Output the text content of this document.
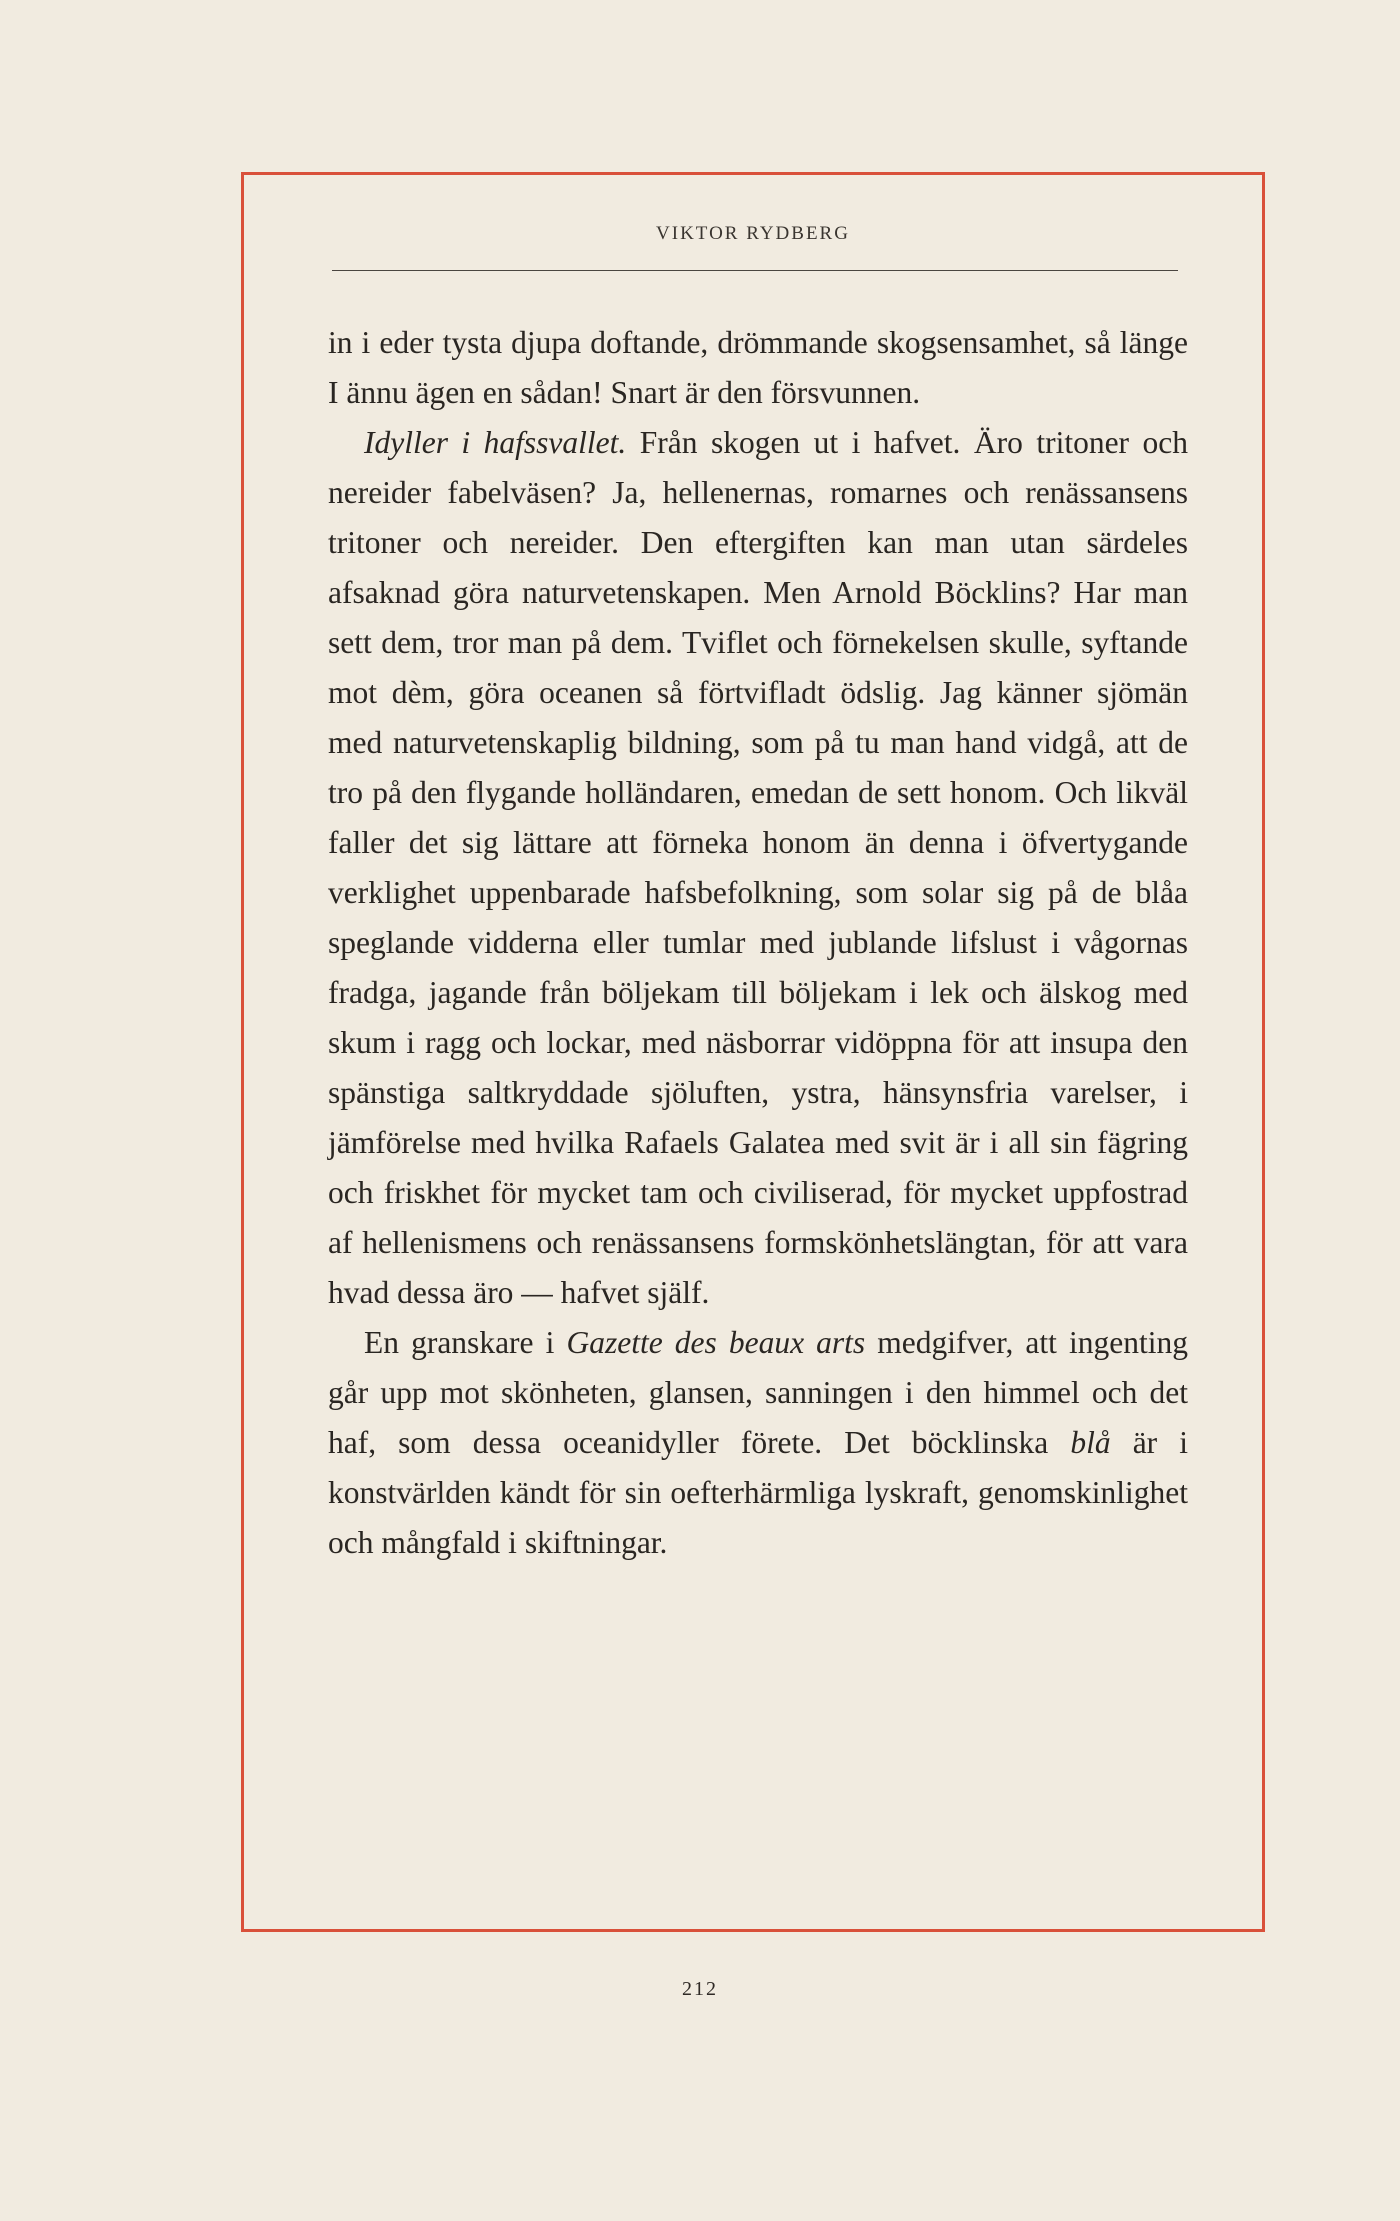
VIKTOR RYDBERG

in i eder tysta djupa doftande, drömmande skogsensamhet, så länge I ännu ägen en sådan! Snart är den försvunnen.

Idyller i hafssvallet. Från skogen ut i hafvet. Äro tritoner och nereider fabelväsen? Ja, hellenernas, romarnes och renässansens tritoner och nereider. Den eftergiften kan man utan särdeles afsaknad göra naturvetenskapen. Men Arnold Böcklins? Har man sett dem, tror man på dem. Tviflet och förnekelsen skulle, syftande mot dèm, göra oceanen så förtvifladt ödslig. Jag känner sjömän med naturvetenskaplig bildning, som på tu man hand vidgå, att de tro på den flygande holländaren, emedan de sett honom. Och likväl faller det sig lättare att förneka honom än denna i öfvertygande verklighet uppenbarade hafsbefolkning, som solar sig på de blåa speglande vidderna eller tumlar med jublande lifslust i vågornas fradga, jagande från böljekam till böljekam i lek och älskog med skum i ragg och lockar, med näsborrar vidöppna för att insupa den spänstiga saltkryddade sjöluften, ystra, hänsynsfria varelser, i jämförelse med hvilka Rafaels Galatea med svit är i all sin fägring och friskhet för mycket tam och civiliserad, för mycket uppfostrad af hellenismens och renässansens formskönhetslängtan, för att vara hvad dessa äro — hafvet själf.

En granskare i Gazette des beaux arts medgifver, att ingenting går upp mot skönheten, glansen, sanningen i den himmel och det haf, som dessa oceanidyller förete. Det böcklinska blå är i konstvärlden kändt för sin oefterhärmliga lyskraft, genomskinlighet och mångfald i skiftningar.

212
